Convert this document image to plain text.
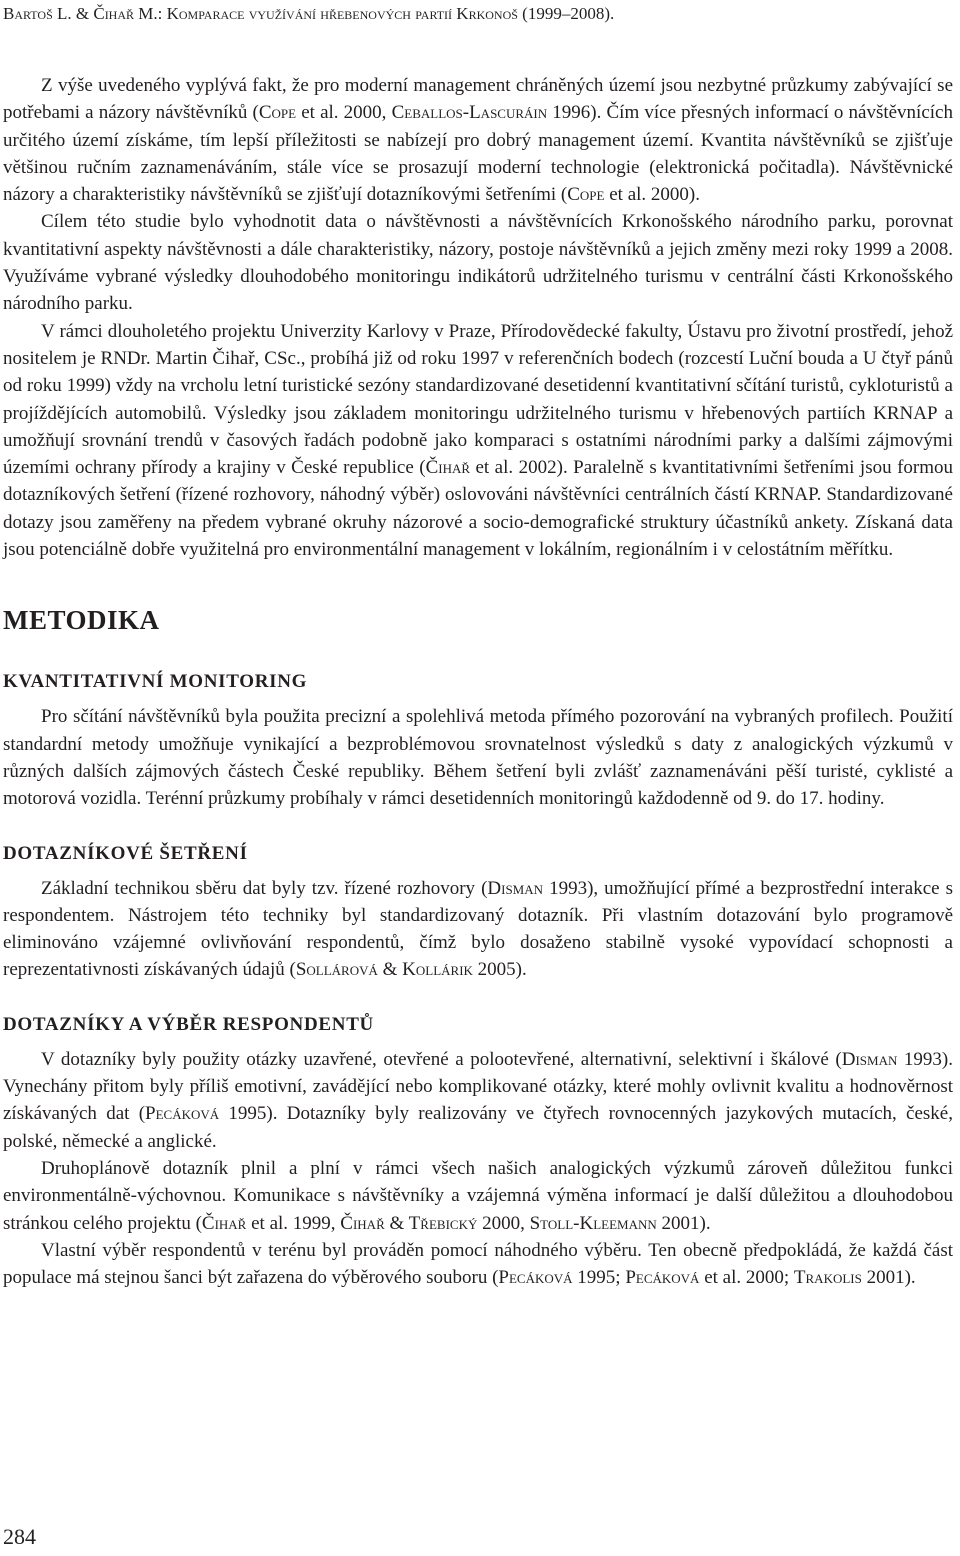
Bartoš L. & Čihař M.: Komparace využívání hřebenových partií Krkonoš (1999–2008).

Z výše uvedeného vyplývá fakt, že pro moderní management chráněných území jsou nezbytné průzkumy zabývající se potřebami a názory návštěvníků (Cope et al. 2000, Ceballos-Lascuráin 1996). Čím více přesných informací o návštěvnících určitého území získáme, tím lepší příležitosti se nabízejí pro dobrý management území. Kvantita návštěvníků se zjišťuje většinou ručním zaznamenáváním, stále více se prosazují moderní technologie (elektronická počitadla). Návštěvnické názory a charakteristiky návštěvníků se zjišťují dotazníkovými šetřeními (Cope et al. 2000).

Cílem této studie bylo vyhodnotit data o návštěvnosti a návštěvnících Krkonošského národního parku, porovnat kvantitativní aspekty návštěvnosti a dále charakteristiky, názory, postoje návštěvníků a jejich změny mezi roky 1999 a 2008. Využíváme vybrané výsledky dlouhodobého monitoringu indikátorů udržitelného turismu v centrální části Krkonošského národního parku.

V rámci dlouholetého projektu Univerzity Karlovy v Praze, Přírodovědecké fakulty, Ústavu pro životní prostředí, jehož nositelem je RNDr. Martin Čihař, CSc., probíhá již od roku 1997 v referenčních bodech (rozcestí Luční bouda a U čtyř pánů od roku 1999) vždy na vrcholu letní turistické sezóny standardizované desetidenní kvantitativní sčítání turistů, cykloturistů a projíždějících automobilů. Výsledky jsou základem monitoringu udržitelného turismu v hřebenových partiích KRNAP a umožňují srovnání trendů v časových řadách podobně jako komparaci s ostatními národními parky a dalšími zájmovými územími ochrany přírody a krajiny v České republice (Čihař et al. 2002). Paralelně s kvantitativními šetřeními jsou formou dotazníkových šetření (řízené rozhovory, náhodný výběr) oslovováni návštěvníci centrálních částí KRNAP. Standardizované dotazy jsou zaměřeny na předem vybrané okruhy názorové a socio-demografické struktury účastníků ankety. Získaná data jsou potenciálně dobře využitelná pro environmentální management v lokálním, regionálním i v celostátním měřítku.

METODIKA
KVANTITATIVNÍ MONITORING

Pro sčítání návštěvníků byla použita precizní a spolehlivá metoda přímého pozorování na vybraných profilech. Použití standardní metody umožňuje vynikající a bezproblémovou srovnatelnost výsledků s daty z analogických výzkumů v různých dalších zájmových částech České republiky. Během šetření byli zvlášť zaznamenáváni pěší turisté, cyklisté a motorová vozidla. Terénní průzkumy probíhaly v rámci desetidenních monitoringů každodenně od 9. do 17. hodiny.

DOTAZNÍKOVÉ ŠETŘENÍ

Základní technikou sběru dat byly tzv. řízené rozhovory (Disman 1993), umožňující přímé a bezprostřední interakce s respondentem. Nástrojem této techniky byl standardizovaný dotazník. Při vlastním dotazování bylo programově eliminováno vzájemné ovlivňování respondentů, čímž bylo dosaženo stabilně vysoké vypovídací schopnosti a reprezentativnosti získávaných údajů (Sollárová & Kollárik 2005).

DOTAZNÍKY A VÝBĚR RESPONDENTŮ

V dotazníky byly použity otázky uzavřené, otevřené a polootevřené, alternativní, selektivní i škálové (Disman 1993). Vynechány přitom byly příliš emotivní, zavádějící nebo komplikované otázky, které mohly ovlivnit kvalitu a hodnověrnost získávaných dat (Pecáková 1995). Dotazníky byly realizovány ve čtyřech rovnocenných jazykových mutacích, české, polské, německé a anglické.

Druhoplánově dotazník plnil a plní v rámci všech našich analogických výzkumů zároveň důležitou funkci environmentálně-výchovnou. Komunikace s návštěvníky a vzájemná výměna informací je další důležitou a dlouhodobou stránkou celého projektu (Čihař et al. 1999, Čihař & Třebický 2000, Stoll-Kleemann 2001).

Vlastní výběr respondentů v terénu byl prováděn pomocí náhodného výběru. Ten obecně předpokládá, že každá část populace má stejnou šanci být zařazena do výběrového souboru (Pecáková 1995; Pecáková et al. 2000; Trakolis 2001).

284
